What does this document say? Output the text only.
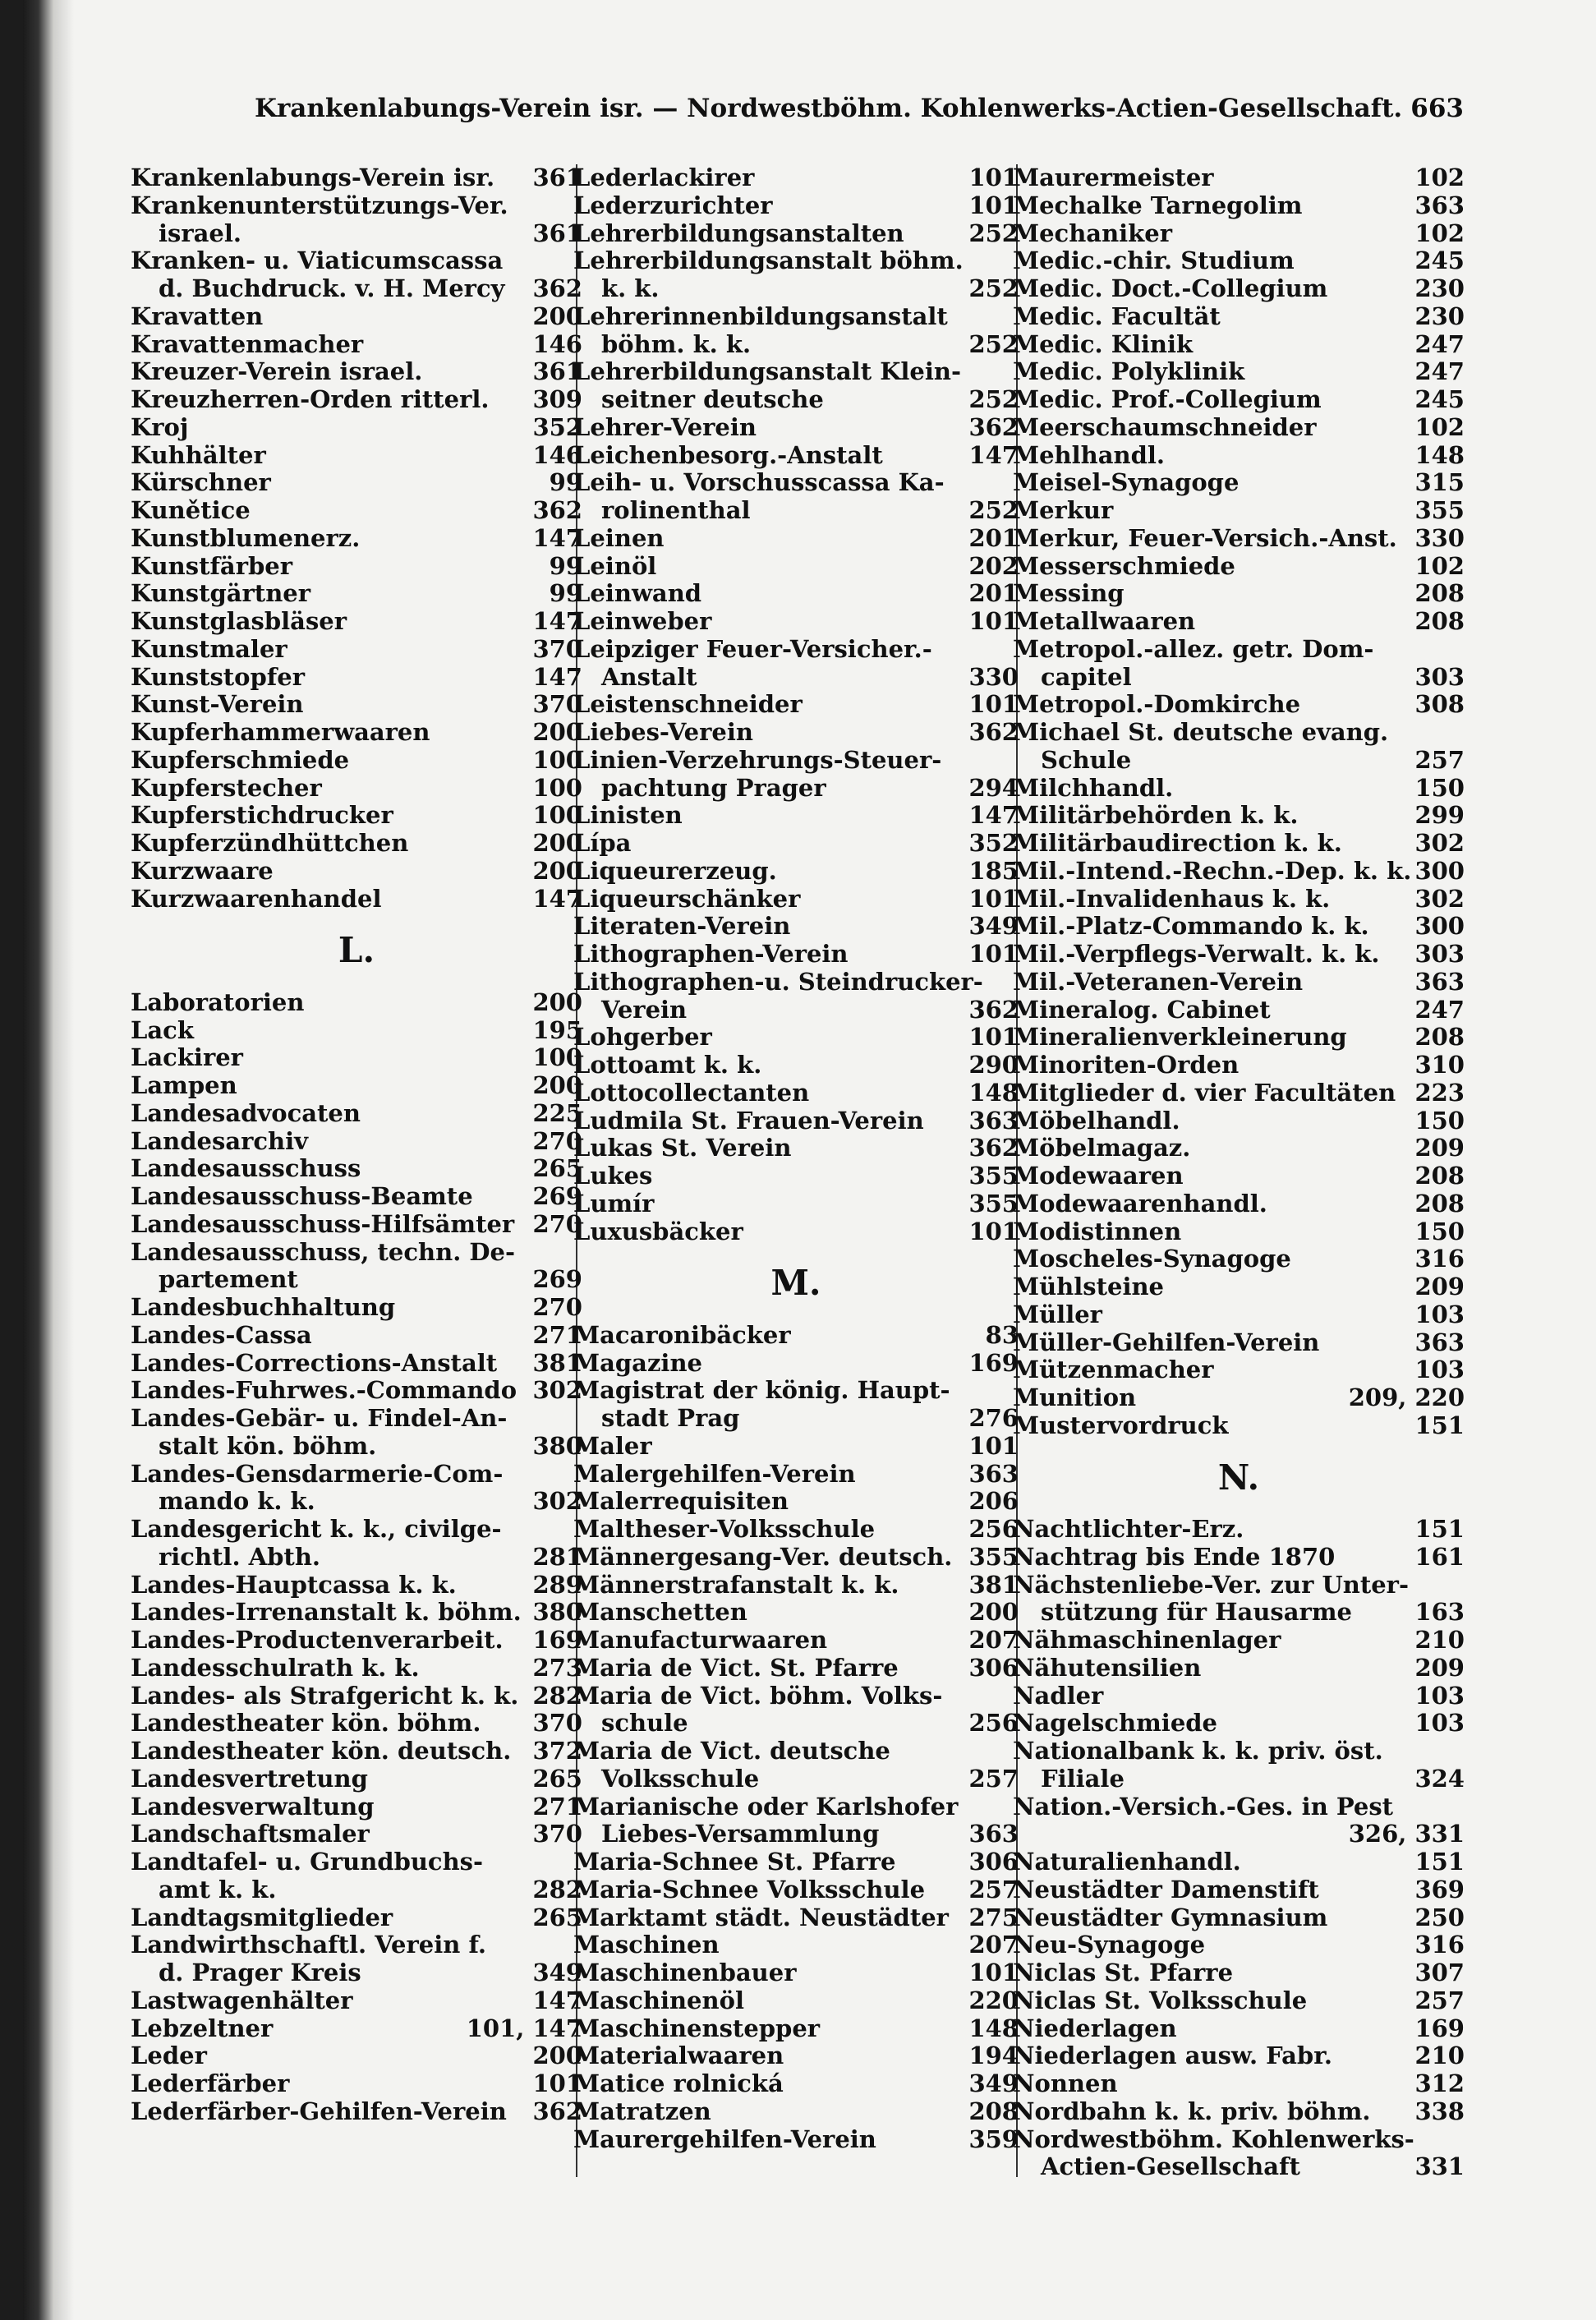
Krankenlabungs-Verein isr. — Nordwestböhm. Kohlenwerks-Actien-Gesellschaft. 663
Krankenlabungs-Verein isr. 361
Krankenunterstützungs-Ver.
israel.	361
Kranken- u. Viaticumscassa
d. Buchdruck. v. H. Mercy 362
Kravatten	200
Kravattenmacher	146
Kreuzer-Verein israel.	361
Kreuzherren-Orden ritterl. 309
Kroj	352
Kuhhälter	146
Kürschner	99
Kunětice	362
Kunstblumenerz.	147
Kunstfärber	99
Kunstgärtner	99
Kunstglasbläser	147
Kunstmaler	370
Kunststopfer	147
Kunst-Verein	370
Kupferhammerwaaren	200
Kupferschmiede	100
Kupferstecher	100
Kupferstichdrucker	100
Kupferzündhüttchen	200
Kurzwaare	200
Kurzwaarenhandel	147
L.
Laboratorien	200
Lack	195
Lackirer	100
Lampen	200
Landesadvocaten	225
Landesarchiv	270
Landesausschuss	265
Landesausschuss-Beamte	269
Landesausschuss-Hilfsämter 270
Landesausschuss, techn. De-
partement	269
Landesbuchhaltung	270
Landes-Cassa	271
Landes-Corrections-Anstalt 381
Landes-Fuhrwes.-Commando 302
Landes-Gebär- u. Findel-An-
stalt kön. böhm.	380
Landes-Gensdarmerie-Com-
mando k. k.	302
Landesgericht k. k., civilge-
richtl. Abth.	281
Landes-Hauptcassa k. k.	289
Landes-Irrenanstalt k. böhm. 380
Landes-Productenverarbeit. 169
Landesschulrath k. k.	273
Landes- als Strafgericht k. k. 282
Landestheater kön. böhm. 370
Landestheater kön. deutsch. 372
Landesvertretung	265
Landesverwaltung	271
Landschaftsmaler	370
Landtafel- u. Grundbuchs-
amt k. k.	282
Landtagsmitglieder	265
Landwirthschaftl. Verein f.
d. Prager Kreis	349
Lastwagenhälter	147
Lebzeltner	101, 147
Leder	200
Lederfärber	101
Lederfärber-Gehilfen-Verein 362
Lederlackirer	101
Lederzurichter	101
Lehrerbildungsanstalten	252
Lehrerbildungsanstalt böhm.
k. k.	252
Lehrerinnenbildungsanstalt
böhm. k. k.	252
Lehrerbildungsanstalt Klein-
seitner deutsche	252
Lehrer-Verein	362
Leichenbesorg.-Anstalt	147
Leih- u. Vorschusscassa Ka-
rolinenthal	252
Leinen	201
Leinöl	202
Leinwand	201
Leinweber	101
Leipziger Feuer-Versicher.-
Anstalt	330
Leistenschneider	101
Liebes-Verein	362
Linien-Verzehrungs-Steuer-
pachtung Prager	294
Linisten	147
Lípa	352
Liqueurerzeug.	185
Liqueurschänker	101
Literaten-Verein	349
Lithographen-Verein	101
Lithographen-u. Steindrucker-
Verein	362
Lohgerber	101
Lottoamt k. k.	290
Lottocollectanten	148
Ludmila St. Frauen-Verein 363
Lukas St. Verein	362
Lukes	355
Lumír	355
Luxusbäcker	101
M.
Macaronibäcker	83
Magazine	169
Magistrat der könig. Haupt-
stadt Prag	276
Maler	101
Malergehilfen-Verein	363
Malerrequisiten	206
Maltheser-Volksschule	256
Männergesang-Ver. deutsch. 355
Männerstrafanstalt k. k.	381
Manschetten	200
Manufacturwaaren	207
Maria de Vict. St. Pfarre	306
Maria de Vict. böhm. Volks-
schule	256
Maria de Vict. deutsche
Volksschule	257
Marianische oder Karlshofer
Liebes-Versammlung	363
Maria-Schnee St. Pfarre	306
Maria-Schnee Volksschule 257
Marktamt städt. Neustädter 275
Maschinen	207
Maschinenbauer	101
Maschinenöl	220
Maschinenstepper	148
Materialwaaren	194
Matice rolnická	349
Matratzen	208
Maurergehilfen-Verein	359
Maurermeister	102
Mechalke Tarnegolim	363
Mechaniker	102
Medic.-chir. Studium	245
Medic. Doct.-Collegium	230
Medic. Facultät	230
Medic. Klinik	247
Medic. Polyklinik	247
Medic. Prof.-Collegium	245
Meerschaumschneider	102
Mehlhandl.	148
Meisel-Synagoge	315
Merkur	355
Merkur, Feuer-Versich.-Anst. 330
Messerschmiede	102
Messing	208
Metallwaaren	208
Metropol.-allez. getr. Dom-
capitel	303
Metropol.-Domkirche	308
Michael St. deutsche evang.
Schule	257
Milchhandl.	150
Militärbehörden k. k.	299
Militärbaudirection k. k.	302
Mil.-Intend.-Rechn.-Dep. k. k. 300
Mil.-Invalidenhaus k. k.	302
Mil.-Platz-Commando k. k. 300
Mil.-Verpflegs-Verwalt. k. k. 303
Mil.-Veteranen-Verein	363
Mineralog. Cabinet	247
Mineralienverkleinerung	208
Minoriten-Orden	310
Mitglieder d. vier Facultäten 223
Möbelhandl.	150
Möbelmagaz.	209
Modewaaren	208
Modewaarenhandl.	208
Modistinnen	150
Moscheles-Synagoge	316
Mühlsteine	209
Müller	103
Müller-Gehilfen-Verein	363
Mützenmacher	103
Munition	209, 220
Mustervordruck	151
N.
Nachtlichter-Erz.	151
Nachtrag bis Ende 1870	161
Nächstenliebe-Ver. zur Unter-
stützung für Hausarme	163
Nähmaschinenlager	210
Nähutensilien	209
Nadler	103
Nagelschmiede	103
Nationalbank k. k. priv. öst.
Filiale	324
Nation.-Versich.-Ges. in Pest
326, 331
Naturalienhandl.	151
Neustädter Damenstift	369
Neustädter Gymnasium	250
Neu-Synagoge	316
Niclas St. Pfarre	307
Niclas St. Volksschule	257
Niederlagen	169
Niederlagen ausw. Fabr.	210
Nonnen	312
Nordbahn k. k. priv. böhm. 338
Nordwestböhm. Kohlenwerks-
Actien-Gesellschaft	331
